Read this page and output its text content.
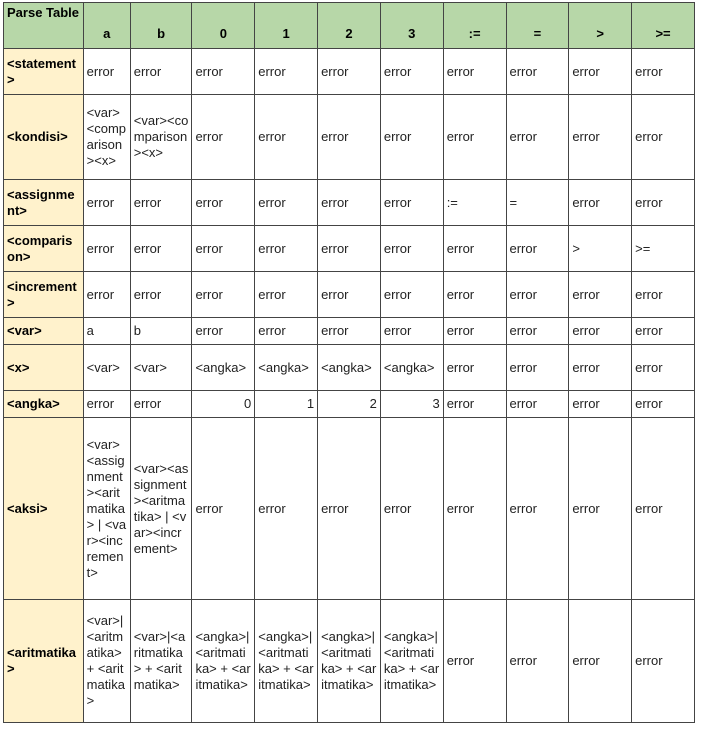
Parse Table	a	b	0	1	2	3	:=	=	>	>=
<statement>	error	error	error	error	error	error	error	error	error	error
<kondisi>	<var><comparison><x>	<var><comparison><x>	error	error	error	error	error	error	error	error
<assignment>	error	error	error	error	error	error	:=	=	error	error
<comparison>	error	error	error	error	error	error	error	error	>	>=
<increment>	error	error	error	error	error	error	error	error	error	error
<var>	a	b	error	error	error	error	error	error	error	error
<x>	<var>	<var>	<angka>	<angka>	<angka>	<angka>	error	error	error	error
<angka>	error	error	0	1	2	3	error	error	error	error
<aksi>	<var><assignment><aritmatika> | <var><increment>	<var><assignment><aritmatika> | <var><increment>	error	error	error	error	error	error	error	error
<aritmatika>	<var>|<aritmatika> + <aritmatika>	<var>|<aritmatika> + <aritmatika>	<angka>|<aritmatika> + <aritmatika>	<angka>|<aritmatika> + <aritmatika>	<angka>|<aritmatika> + <aritmatika>	<angka>|<aritmatika> + <aritmatika>	error	error	error	error
